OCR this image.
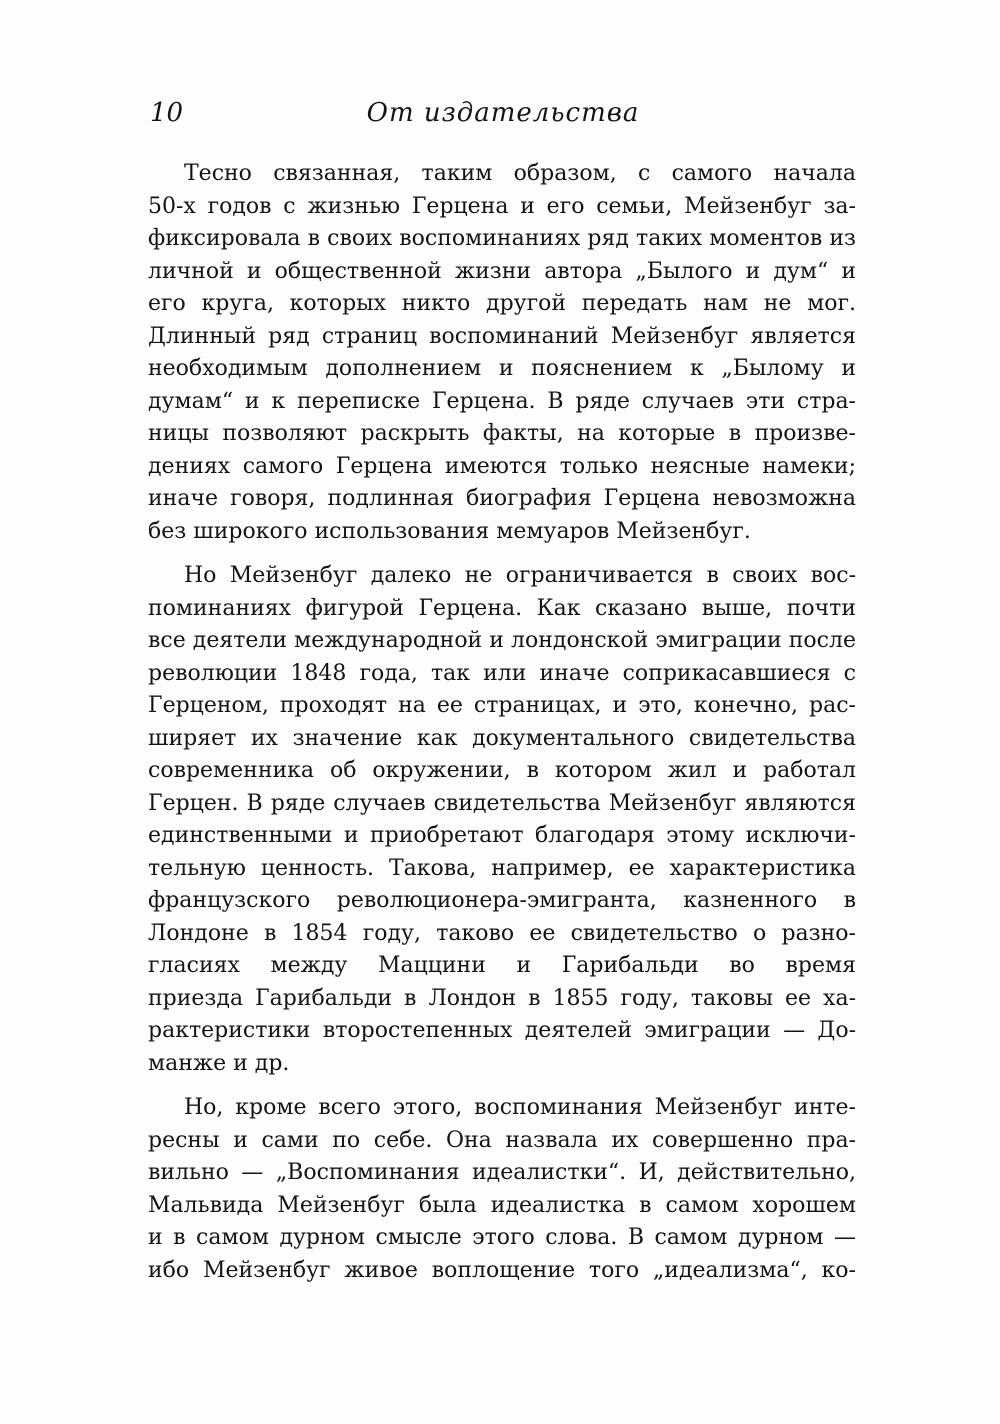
10	От издательства
Тесно связанная, таким образом, с самого начала
50-х годов с жизнью Герцена и его семьи, Мейзенбуг за-
фиксировала в своих воспоминаниях ряд таких моментов из
личной и общественной жизни автора „Былого и дум“ и
его круга, которых никто другой передать нам не мог.
Длинный ряд страниц воспоминаний Мейзенбуг является
необходимым дополнением и пояснением к „Былому и
думам“ и к переписке Герцена. В ряде случаев эти стра-
ницы позволяют раскрыть факты, на которые в произве-
дениях самого Герцена имеются только неясные намеки;
иначе говоря, подлинная биография Герцена невозможна
без широкого использования мемуаров Мейзенбуг.
Но Мейзенбуг далеко не ограничивается в своих вос-
поминаниях фигурой Герцена. Как сказано выше, почти
все деятели международной и лондонской эмиграции после
революции 1848 года, так или иначе соприкасавшиеся с
Герценом, проходят на ее страницах, и это, конечно, рас-
ширяет их значение как документального свидетельства
современника об окружении, в котором жил и работал
Герцен. В ряде случаев свидетельства Мейзенбуг являются
единственными и приобретают благодаря этому исключи-
тельную ценность. Такова, например, ее характеристика
французского революционера-эмигранта, казненного в
Лондоне в 1854 году, таково ее свидетельство о разно-
гласиях между Маццини и Гарибальди во время
приезда Гарибальди в Лондон в 1855 году, таковы ее ха-
рактеристики второстепенных деятелей эмиграции — До-
манже и др.
Но, кроме всего этого, воспоминания Мейзенбуг инте-
ресны и сами по себе. Она назвала их совершенно пра-
вильно — „Воспоминания идеалистки“. И, действительно,
Мальвида Мейзенбуг была идеалистка в самом хорошем
и в самом дурном смысле этого слова. В самом дурном —
ибо Мейзенбуг живое воплощение того „идеализма“, ко-
